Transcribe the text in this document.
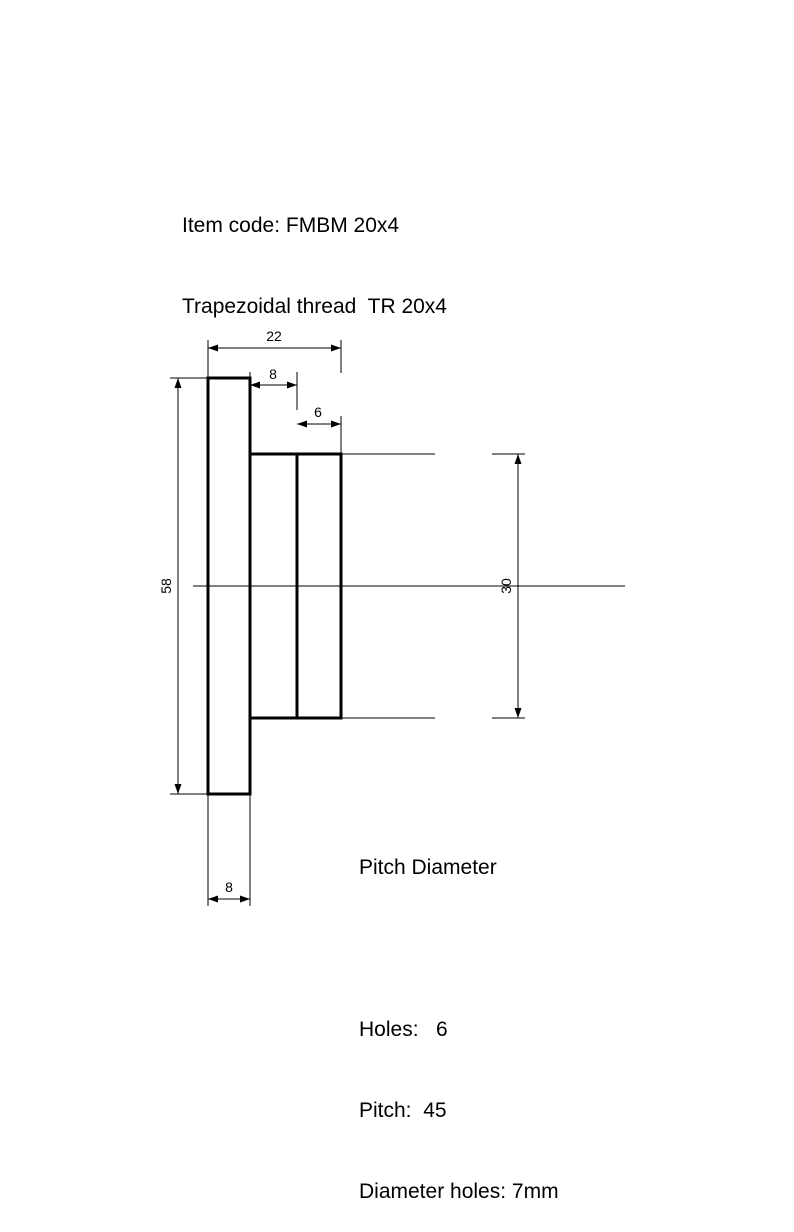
Item code: FMBM 20x4

Trapezoidal thread  TR 20x4

22
8
6
58	30
8

Pitch Diameter

Holes:   6

Pitch:  45

Diameter holes: 7mm
